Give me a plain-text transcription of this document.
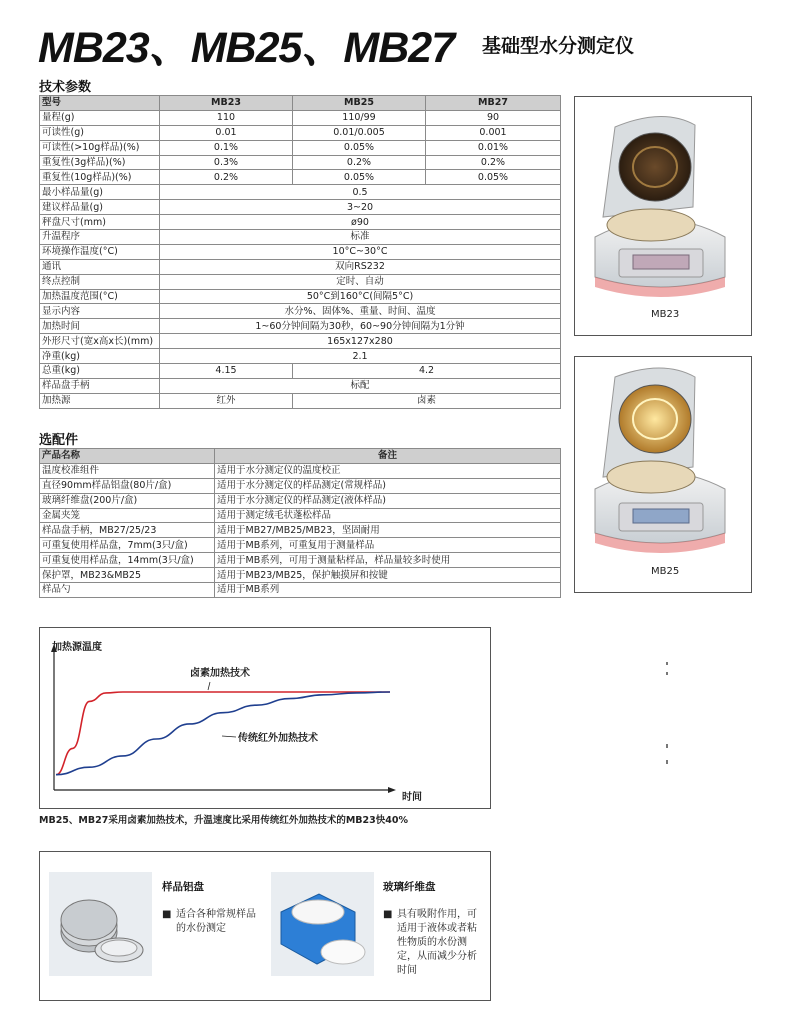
MB23、MB25、MB27 基础型水分测定仪
技术参数
型号	MB23	MB25	MB27
量程(g)	110	110/99	90
可读性(g)	0.01	0.01/0.005	0.001
可读性(>10g样品)(%)	0.1%	0.05%	0.01%
重复性(3g样品)(%)	0.3%	0.2%	0.2%
重复性(10g样品)(%)	0.2%	0.05%	0.05%
最小样品量(g)	0.5		
建议样品量(g)	3~20		
秤盘尺寸(mm)	ø90		
升温程序	标准		
环境操作温度(°C)	10°C~30°C		
通讯	双向RS232		
终点控制	定时、自动		
加热温度范围(°C)	50°C到160°C(间隔5°C)		
显示内容	水分%、固体%、重量、时间、温度		
加热时间	1~60分钟间隔为30秒，60~90分钟间隔为1分钟		
外形尺寸(宽x高x长)(mm)	165x127x280		
净重(kg)	2.1		
总重(kg)	4.15	4.2	
样品盘手柄	标配		
加热源	红外	卤素	
选配件
产品名称	备注
温度校准组件	适用于水分测定仪的温度校正
直径90mm样品铝盘(80片/盒)	适用于水分测定仪的样品测定(常规样品)
玻璃纤维盘(200片/盒)	适用于水分测定仪的样品测定(液体样品)
金属夹笼	适用于测定绒毛状蓬松样品
样品盘手柄，MB27/25/23	适用于MB27/MB25/MB23，坚固耐用
可重复使用样品盘，7mm(3只/盒)	适用于MB系列，可重复用于测量样品
可重复使用样品盘，14mm(3只/盒)	适用于MB系列，可用于测量粘样品，样品量较多时使用
保护罩，MB23&MB25	适用于MB23/MB25，保护触摸屏和按键
样品勺	适用于MB系列
MB23
MB25
加热源温度
时间
卤素加热技术
传统红外加热技术
MB25、MB27采用卤素加热技术，升温速度比采用传统红外加热技术的MB23快40%
样品铝盘
■ 适合各种常规样品的水份测定
玻璃纤维盘
■ 具有吸附作用，可适用于液体或者粘性物质的水份测定，从而减少分析时间
